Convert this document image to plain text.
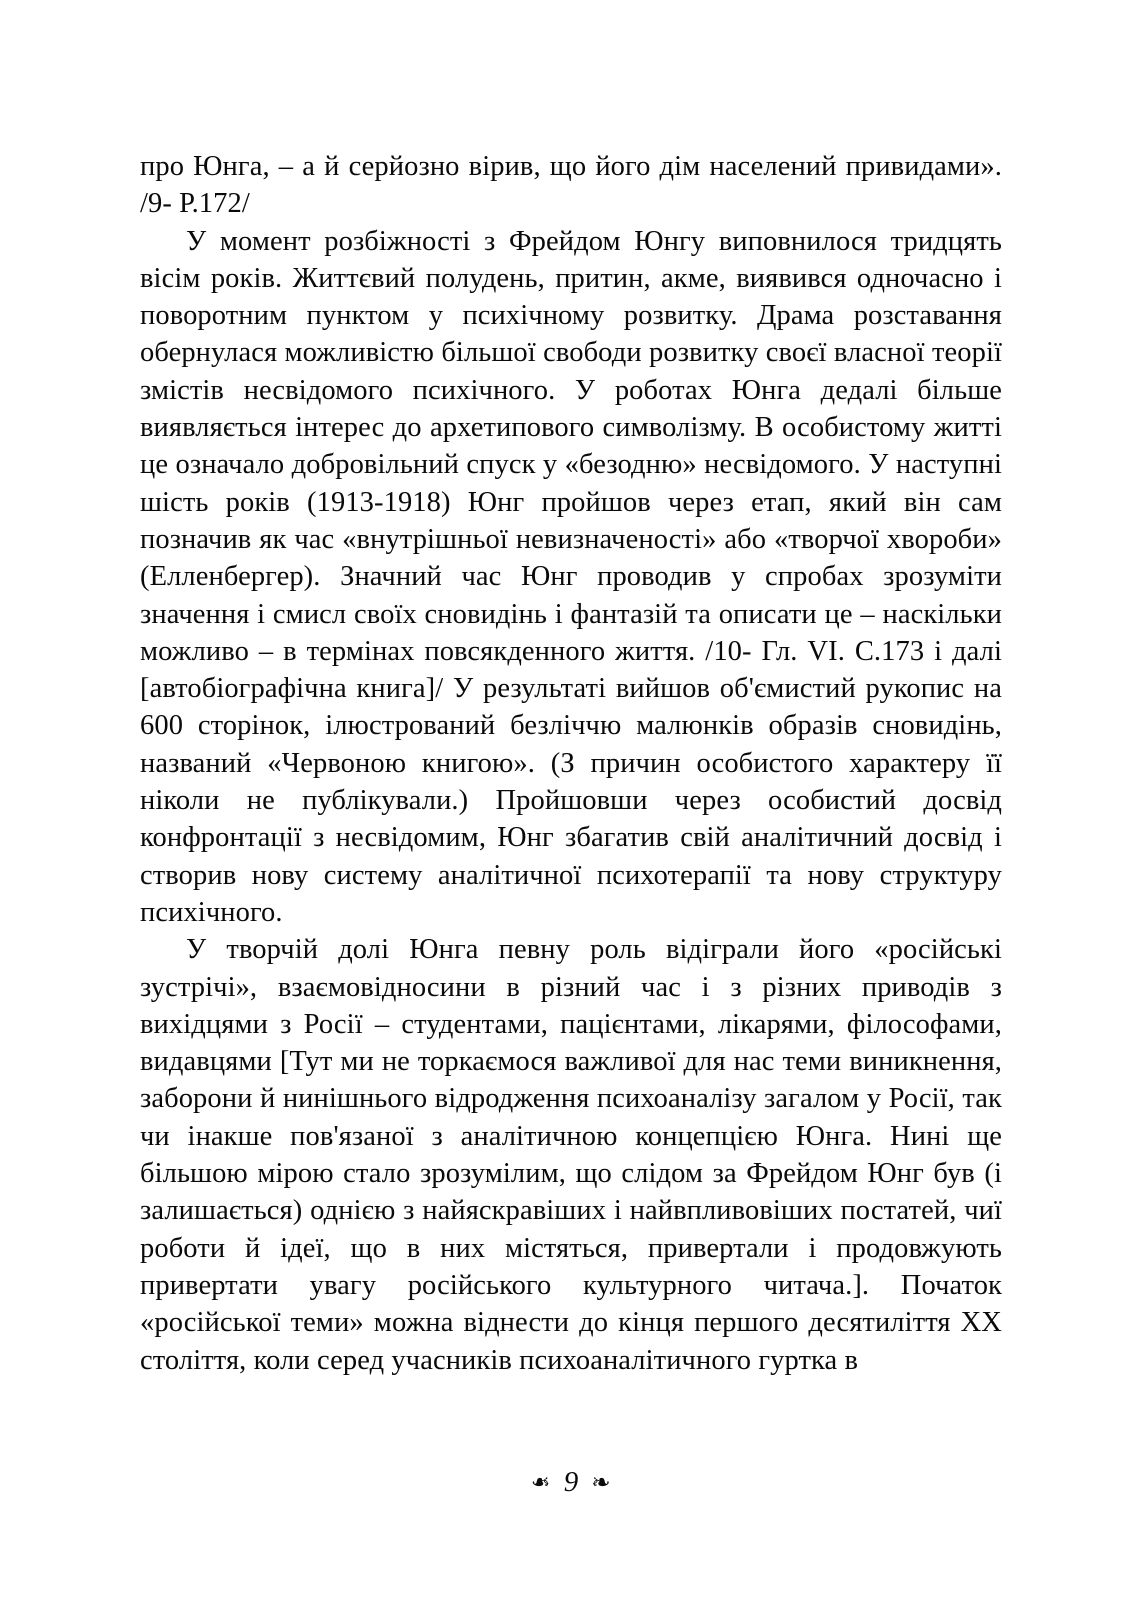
про Юнга, – а й серйозно вірив, що його дім населений привидами». /9- Р.172/

У момент розбіжності з Фрейдом Юнгу виповнилося тридцять вісім років. Життєвий полудень, притин, акме, виявився одночасно і поворотним пунктом у психічному розвитку. Драма розставання обернулася можливістю більшої свободи розвитку своєї власної теорії змістів несвідомого психічного. У роботах Юнга дедалі більше виявляється інтерес до архетипового символізму. В особистому житті це означало добровільний спуск у «безодню» несвідомого. У наступні шість років (1913-1918) Юнг пройшов через етап, який він сам позначив як час «внутрішньої невизначеності» або «творчої хвороби» (Елленбергер). Значний час Юнг проводив у спробах зрозуміти значення і смисл своїх сновидінь і фантазій та описати це – наскільки можливо – в термінах повсякденного життя. /10- Гл. VI. С.173 і далі [автобіографічна книга]/ У результаті вийшов об'ємистий рукопис на 600 сторінок, ілюстрований безліччю малюнків образів сновидінь, названий «Червоною книгою». (З причин особистого характеру її ніколи не публікували.) Пройшовши через особистий досвід конфронтації з несвідомим, Юнг збагатив свій аналітичний досвід і створив нову систему аналітичної психотерапії та нову структуру психічного.

У творчій долі Юнга певну роль відіграли його «російські зустрічі», взаємовідносини в різний час і з різних приводів з вихідцями з Росії – студентами, пацієнтами, лікарями, філософами, видавцями [Тут ми не торкаємося важливої для нас теми виникнення, заборони й нинішнього відродження психоаналізу загалом у Росії, так чи інакше пов'язаної з аналітичною концепцією Юнга. Нині ще більшою мірою стало зрозумілим, що слідом за Фрейдом Юнг був (і залишається) однією з найяскравіших і найвпливовіших постатей, чиї роботи й ідеї, що в них містяться, привертали і продовжують привертати увагу російського культурного читача.]. Початок «російської теми» можна віднести до кінця першого десятиліття ХХ століття, коли серед учасників психоаналітичного гуртка в

❧ 9 ❧
